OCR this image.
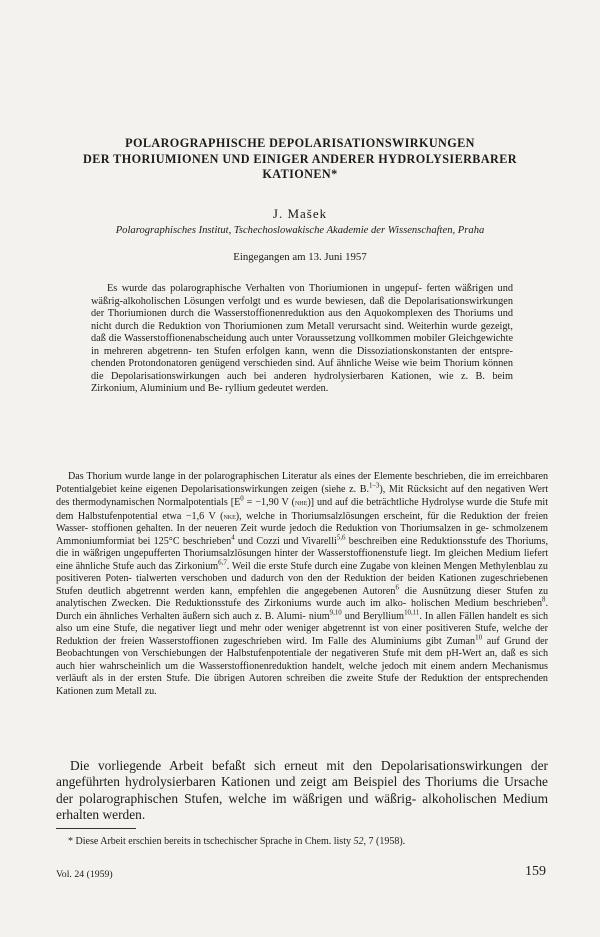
POLAROGRAPHISCHE DEPOLARISATIONSWIRKUNGEN
DER THORIUMIONEN UND EINIGER ANDERER HYDROLYSIERBARER
KATIONEN*

J. Mašek

Polarographisches Institut, Tschechoslowakische Akademie der Wissenschaften, Praha

Eingegangen am 13. Juni 1957

Es wurde das polarographische Verhalten von Thoriumionen in ungepuf- ferten wäßrigen und wäßrig-alkoholischen Lösungen verfolgt und es wurde bewiesen, daß die Depolarisationswirkungen der Thoriumionen durch die Wasserstoffionenreduktion aus den Aquokomplexen des Thoriums und nicht durch die Reduktion von Thoriumionen zum Metall verursacht sind. Weiterhin wurde gezeigt, daß die Wasserstoffionenabscheidung auch unter Voraussetzung vollkommen mobiler Gleichgewichte in mehreren abgetrenn- ten Stufen erfolgen kann, wenn die Dissoziationskonstanten der entspre- chenden Protondonatoren genügend verschieden sind. Auf ähnliche Weise wie beim Thorium können die Depolarisationswirkungen auch bei anderen hydrolysierbaren Kationen, wie z. B. beim Zirkonium, Aluminium und Be- ryllium gedeutet werden.
Das Thorium wurde lange in der polarographischen Literatur als eines der Elemente beschrieben, die im erreichbaren Potentialgebiet keine eigenen Depolarisationswirkungen zeigen (siehe z. B.$^{1-3}$), Mit Rücksicht auf den negativen Wert des thermodynamischen Normalpotentials [$E^0 = -1,90$ V (nhe)] und auf die beträchtliche Hydrolyse wurde die Stufe mit dem Halbstufenpotential etwa −1,6 V (nke), welche in Thoriumsalzlösungen erscheint, für die Reduktion der freien Wasser- stoffionen gehalten. In der neueren Zeit wurde jedoch die Reduktion von Thoriumsalzen in ge- schmolzenem Ammoniumformiat bei 125°C beschrieben$^4$ und Cozzi und Vivarelli$^{5,6}$ beschreiben eine Reduktionsstufe des Thoriums, die in wäßrigen ungepufferten Thoriumsalzlösungen hinter der Wasserstoffionenstufe liegt. Im gleichen Medium liefert eine ähnliche Stufe auch das Zirkonium$^{6,7}$. Weil die erste Stufe durch eine Zugabe von kleinen Mengen Methylenblau zu positiveren Poten- tialwerten verschoben und dadurch von den der Reduktion der beiden Kationen zugeschriebenen Stufen deutlich abgetrennt werden kann, empfehlen die angegebenen Autoren$^6$ die Ausnützung dieser Stufen zu analytischen Zwecken. Die Reduktionsstufe des Zirkoniums wurde auch im alko- holischen Medium beschrieben$^8$. Durch ein ähnliches Verhalten äußern sich auch z. B. Alumi- nium$^{9,10}$ und Beryllium$^{10,11}$. In allen Fällen handelt es sich also um eine Stufe, die negativer liegt und mehr oder weniger abgetrennt ist von einer positiveren Stufe, welche der Reduktion der freien Wasserstoffionen zugeschrieben wird. Im Falle des Aluminiums gibt Zuman$^{10}$ auf Grund der Beobachtungen von Verschiebungen der Halbstufenpotentiale der negativeren Stufe mit dem pH-Wert an, daß es sich auch hier wahrscheinlich um die Wasserstoffionenreduktion handelt, welche jedoch mit einem andern Mechanismus verläuft als in der ersten Stufe. Die übrigen Autoren schreiben die zweite Stufe der Reduktion der entsprechenden Kationen zum Metall zu.
Die vorliegende Arbeit befaßt sich erneut mit den Depolarisationswirkungen der angeführten hydrolysierbaren Kationen und zeigt am Beispiel des Thoriums die Ursache der polarographischen Stufen, welche im wäßrigen und wäßrig- alkoholischen Medium erhalten werden.

* Diese Arbeit erschien bereits in tschechischer Sprache in Chem. listy 52, 7 (1958).

Vol. 24 (1959)	159
